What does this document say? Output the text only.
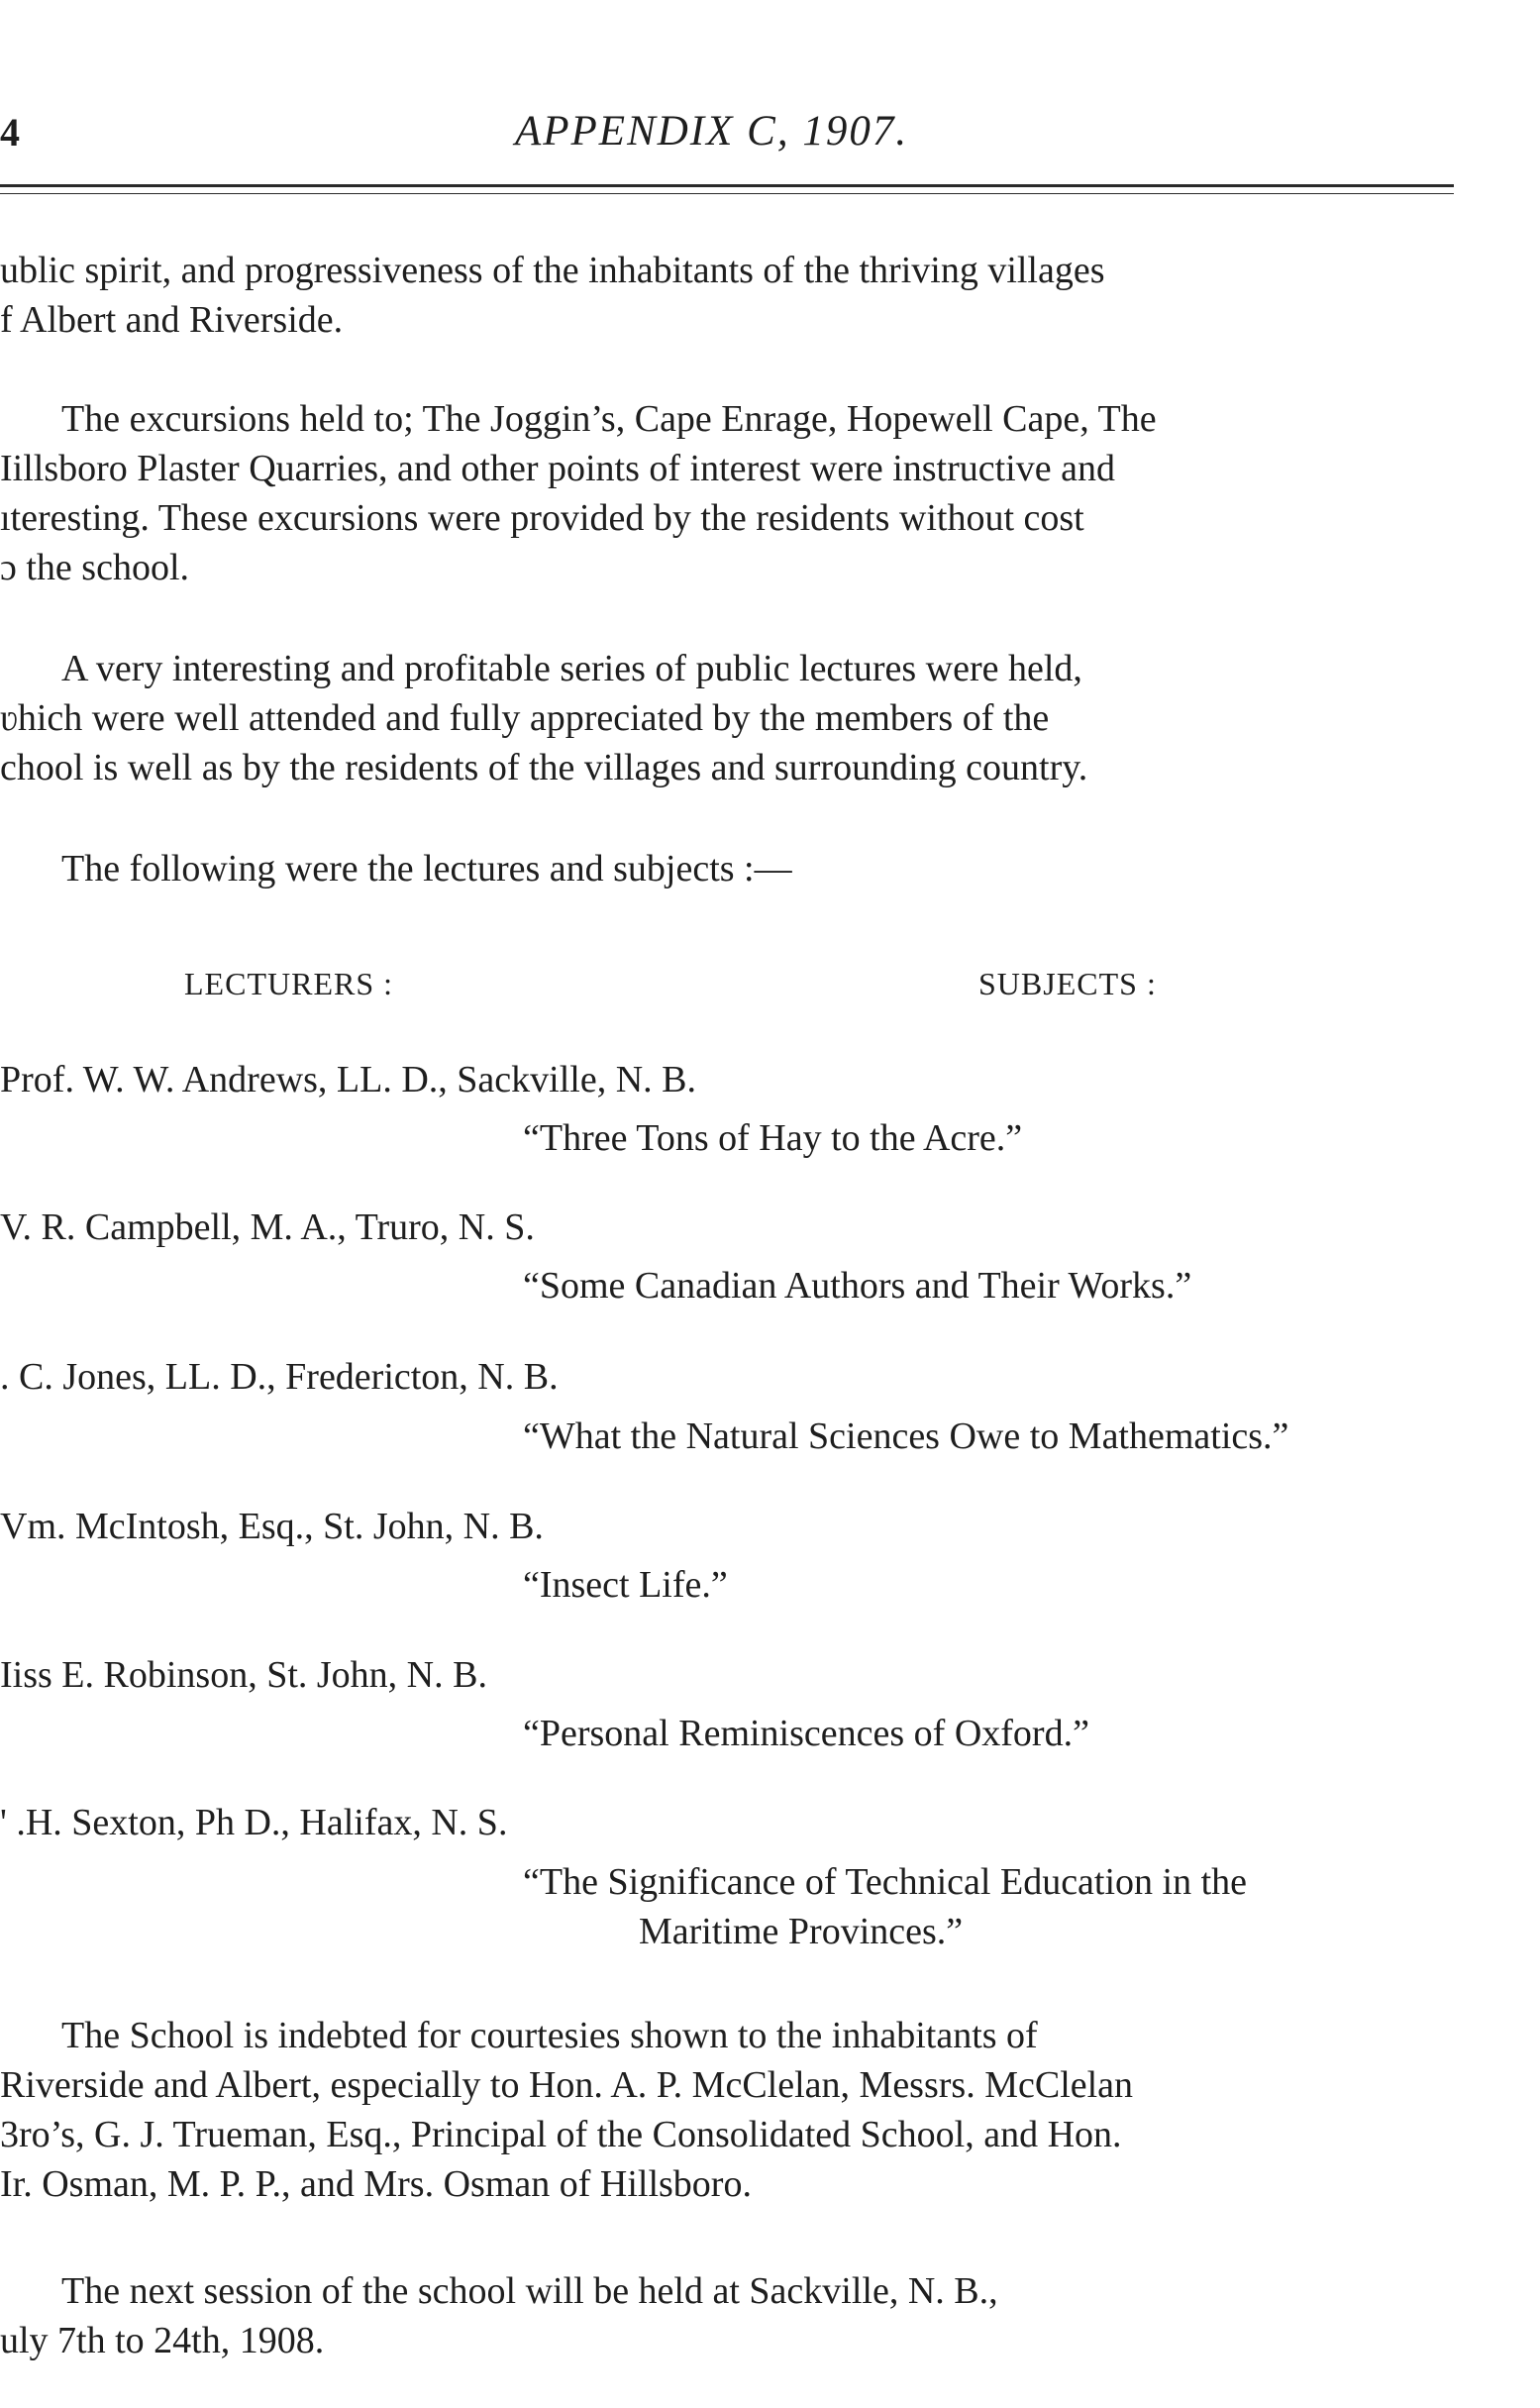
4	APPENDIX C, 1907.

ublic spirit, and progressiveness of the inhabitants of the thriving villages
f Albert and Riverside.

The excursions held to; The Joggin’s, Cape Enrage, Hopewell Cape, The
Iillsboro Plaster Quarries, and other points of interest were instructive and
ıteresting. These excursions were provided by the residents without cost
ɔ the school.

A very interesting and profitable series of public lectures were held,
ʋhich were well attended and fully appreciated by the members of the
chool is well as by the residents of the villages and surrounding country.

The following were the lectures and subjects :—

LECTURERS :	SUBJECTS :
Prof. W. W. Andrews, LL. D., Sackville, N. B.
“Three Tons of Hay to the Acre.”
V. R. Campbell, M. A., Truro, N. S.
“Some Canadian Authors and Their Works.”
. C. Jones, LL. D., Fredericton, N. B.
“What the Natural Sciences Owe to Mathematics.”
Vm. McIntosh, Esq., St. John, N. B.
“Insect Life.”
Iiss E. Robinson, St. John, N. B.
“Personal Reminiscences of Oxford.”
' .H. Sexton, Ph D., Halifax, N. S.
“The Significance of Technical Education in the
Maritime Provinces.”

The School is indebted for courtesies shown to the inhabitants of
Riverside and Albert, especially to Hon. A. P. McClelan, Messrs. McClelan
3ro’s, G. J. Trueman, Esq., Principal of the Consolidated School, and Hon.
Ir. Osman, M. P. P., and Mrs. Osman of Hillsboro.

The next session of the school will be held at Sackville, N. B.,
uly 7th to 24th, 1908.
